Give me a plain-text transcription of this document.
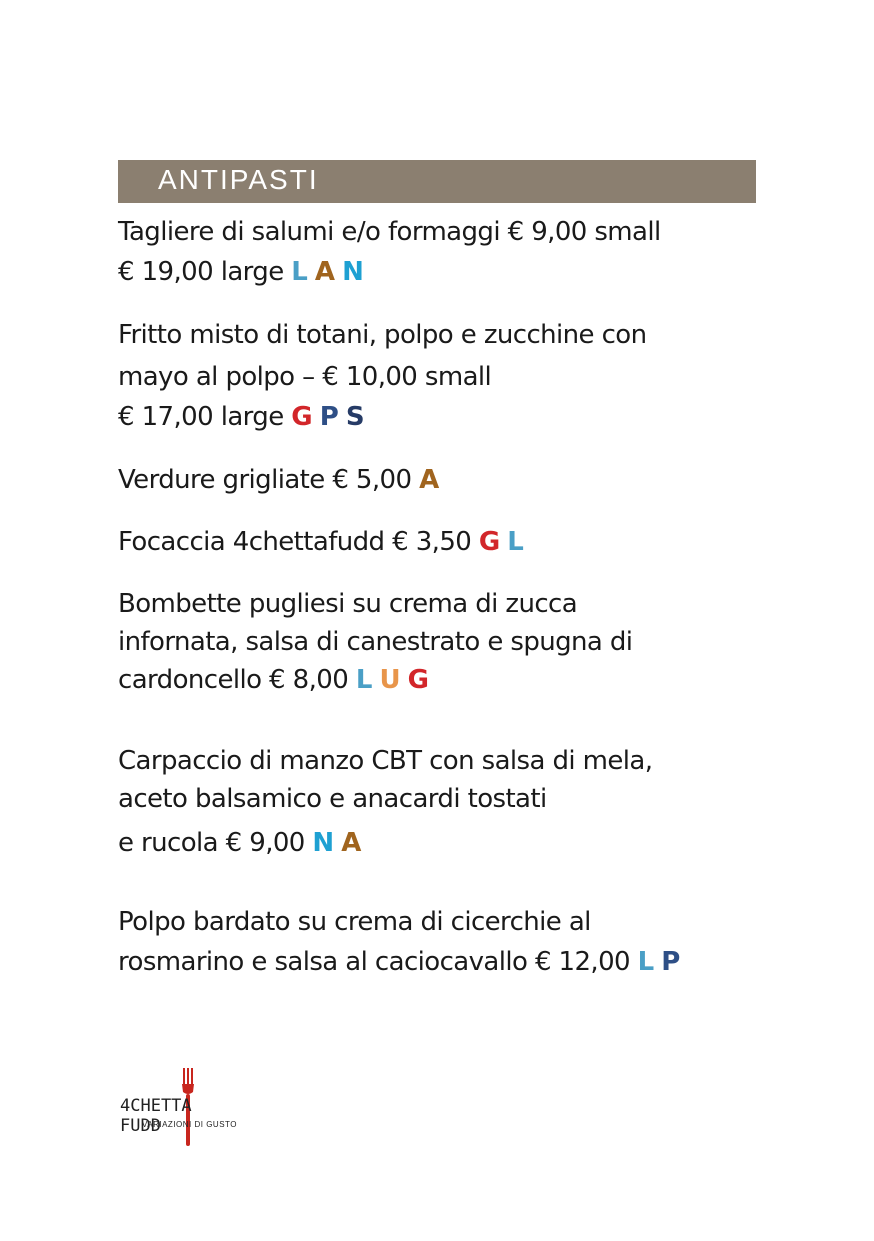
ANTIPASTI
Tagliere di salumi e/o formaggi € 9,00 small
€ 19,00 large L A N
Fritto misto di totani, polpo e zucchine con
mayo al polpo – € 10,00 small
€ 17,00 large G P S
Verdure grigliate € 5,00 A
Focaccia 4chettafudd € 3,50 G L
Bombette pugliesi su crema di zucca
infornata, salsa di canestrato e spugna di
cardoncello € 8,00 L U G
Carpaccio di manzo CBT con salsa di mela,
aceto balsamico e anacardi tostati
e rucola € 9,00 N A
Polpo bardato su crema di cicerchie al
rosmarino e salsa al caciocavallo € 12,00 L P
4CHETTA FUDD
VARIAZIONI DI GUSTO
